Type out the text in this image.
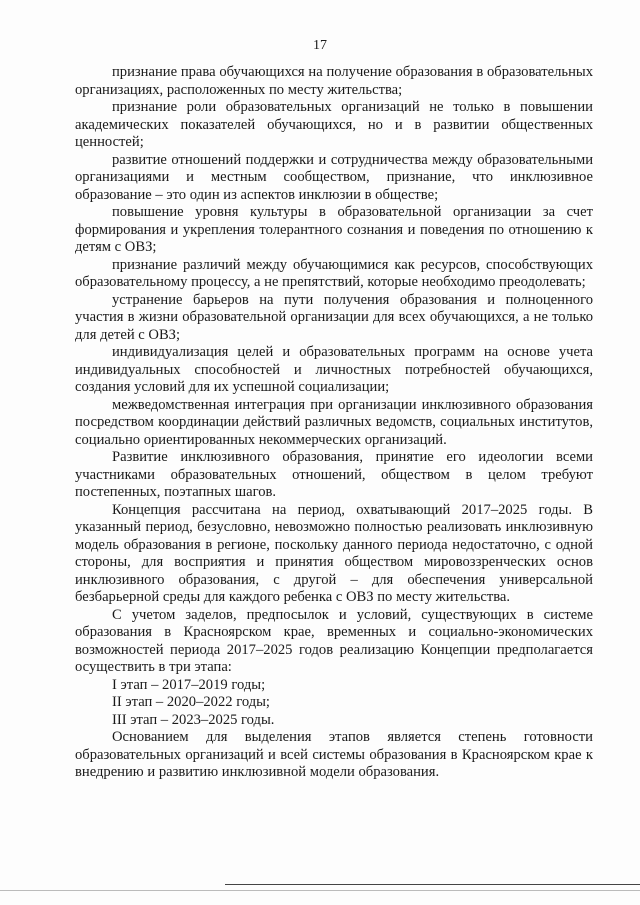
17

признание права обучающихся на получение образования в образовательных организациях, расположенных по месту жительства;

признание роли образовательных организаций не только в повышении академических показателей обучающихся, но и в развитии общественных ценностей;

развитие отношений поддержки и сотрудничества между образовательными организациями и местным сообществом, признание, что инклюзивное образование – это один из аспектов инклюзии в обществе;

повышение уровня культуры в образовательной организации за счет формирования и укрепления толерантного сознания и поведения по отношению к детям с ОВЗ;

признание различий между обучающимися как ресурсов, способствующих образовательному процессу, а не препятствий, которые необходимо преодолевать;

устранение барьеров на пути получения образования и полноценного участия в жизни образовательной организации для всех обучающихся, а не только для детей с ОВЗ;

индивидуализация целей и образовательных программ на основе учета индивидуальных способностей и личностных потребностей обучающихся, создания условий для их успешной социализации;

межведомственная интеграция при организации инклюзивного образования посредством координации действий различных ведомств, социальных институтов, социально ориентированных некоммерческих организаций.

Развитие инклюзивного образования, принятие его идеологии всеми участниками образовательных отношений, обществом в целом требуют постепенных, поэтапных шагов.

Концепция рассчитана на период, охватывающий 2017–2025 годы. В указанный период, безусловно, невозможно полностью реализовать инклюзивную модель образования в регионе, поскольку данного периода недостаточно, с одной стороны, для восприятия и принятия обществом мировоззренческих основ инклюзивного образования, с другой – для обеспечения универсальной безбарьерной среды для каждого ребенка с ОВЗ по месту жительства.

С учетом заделов, предпосылок и условий, существующих в системе образования в Красноярском крае, временных и социально-экономических возможностей периода 2017–2025 годов реализацию Концепции предполагается осуществить в три этапа:

I этап – 2017–2019 годы;

II этап – 2020–2022 годы;

III этап – 2023–2025 годы.

Основанием для выделения этапов является степень готовности образовательных организаций и всей системы образования в Красноярском крае к внедрению и развитию инклюзивной модели образования.
